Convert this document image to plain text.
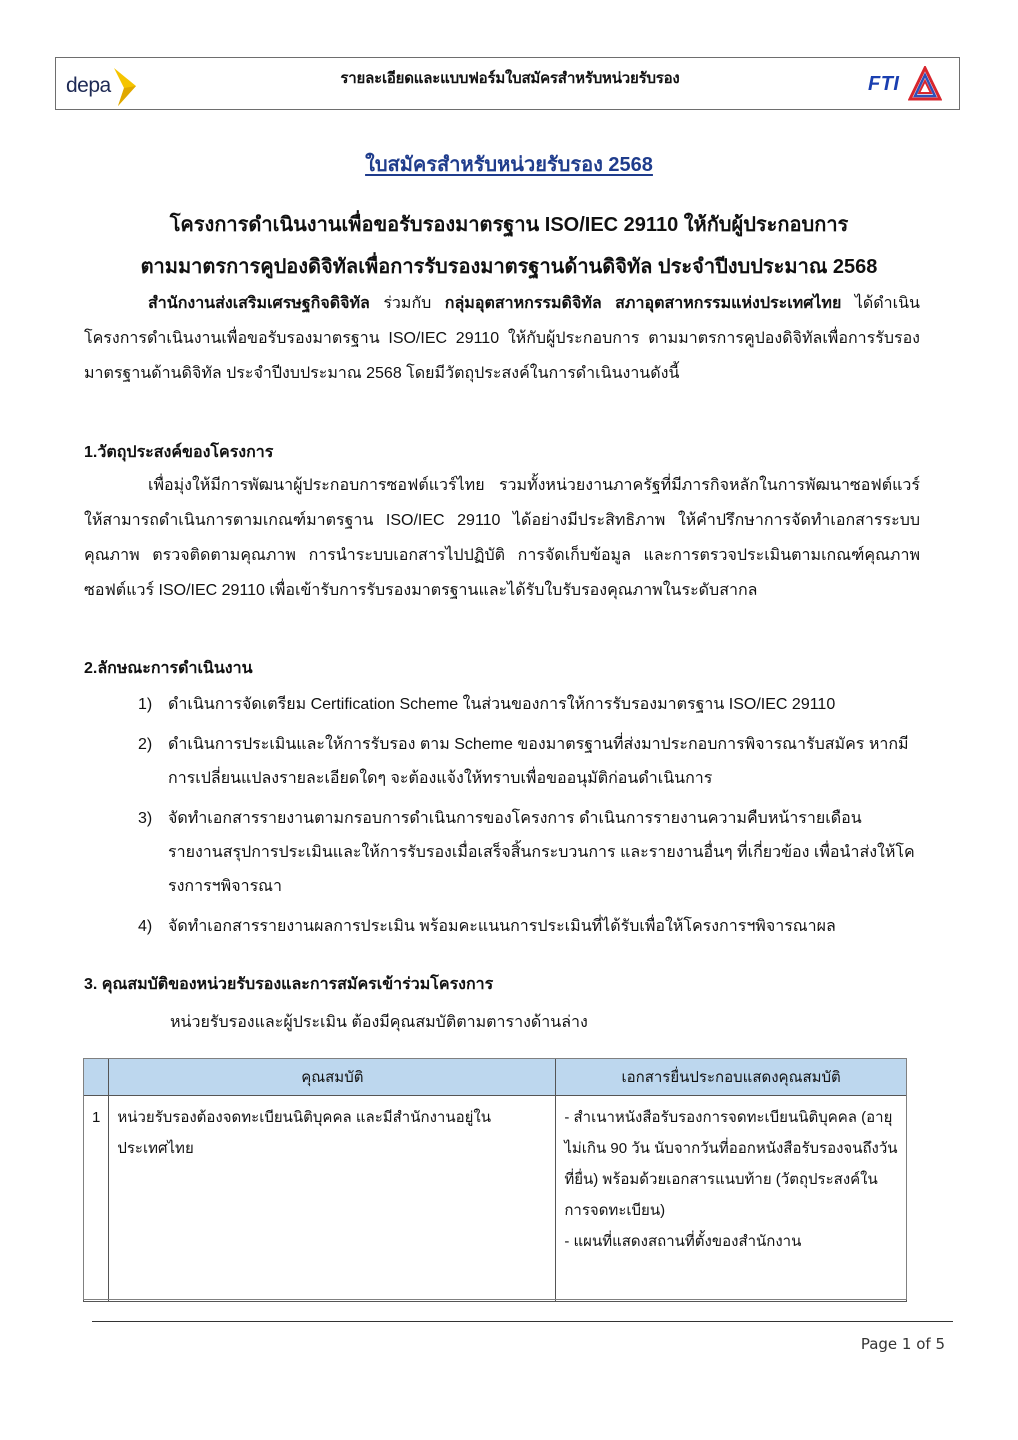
depa	รายละเอียดและแบบฟอร์มใบสมัครสำหรับหน่วยรับรอง	FTI
ใบสมัครสำหรับหน่วยรับรอง 2568
โครงการดำเนินงานเพื่อขอรับรองมาตรฐาน ISO/IEC 29110 ให้กับผู้ประกอบการ
ตามมาตรการคูปองดิจิทัลเพื่อการรับรองมาตรฐานด้านดิจิทัล ประจำปีงบประมาณ 2568

สำนักงานส่งเสริมเศรษฐกิจดิจิทัล ร่วมกับ กลุ่มอุตสาหกรรมดิจิทัล สภาอุตสาหกรรมแห่งประเทศไทย ได้ดำเนินโครงการดำเนินงานเพื่อขอรับรองมาตรฐาน ISO/IEC 29110 ให้กับผู้ประกอบการ ตามมาตรการคูปองดิจิทัลเพื่อการรับรองมาตรฐานด้านดิจิทัล ประจำปีงบประมาณ 2568 โดยมีวัตถุประสงค์ในการดำเนินงานดังนี้

1.วัตถุประสงค์ของโครงการ

เพื่อมุ่งให้มีการพัฒนาผู้ประกอบการซอฟต์แวร์ไทย รวมทั้งหน่วยงานภาครัฐที่มีภารกิจหลักในการพัฒนาซอฟต์แวร์ให้สามารถดำเนินการตามเกณฑ์มาตรฐาน ISO/IEC 29110 ได้อย่างมีประสิทธิภาพ ให้คำปรึกษาการจัดทำเอกสารระบบคุณภาพ ตรวจติดตามคุณภาพ การนำระบบเอกสารไปปฏิบัติ การจัดเก็บข้อมูล และการตรวจประเมินตามเกณฑ์คุณภาพซอฟต์แวร์ ISO/IEC 29110 เพื่อเข้ารับการรับรองมาตรฐานและได้รับใบรับรองคุณภาพในระดับสากล

2.ลักษณะการดำเนินงาน
1) ดำเนินการจัดเตรียม Certification Scheme ในส่วนของการให้การรับรองมาตรฐาน ISO/IEC 29110
2) ดำเนินการประเมินและให้การรับรอง ตาม Scheme ของมาตรฐานที่ส่งมาประกอบการพิจารณารับสมัคร หากมีการเปลี่ยนแปลงรายละเอียดใดๆ จะต้องแจ้งให้ทราบเพื่อขออนุมัติก่อนดำเนินการ
3) จัดทำเอกสารรายงานตามกรอบการดำเนินการของโครงการ ดำเนินการรายงานความคืบหน้ารายเดือน รายงานสรุปการประเมินและให้การรับรองเมื่อเสร็จสิ้นกระบวนการ และรายงานอื่นๆ ที่เกี่ยวข้อง เพื่อนำส่งให้โครงการฯพิจารณา
4) จัดทำเอกสารรายงานผลการประเมิน พร้อมคะแนนการประเมินที่ได้รับเพื่อให้โครงการฯพิจารณาผล
3. คุณสมบัติของหน่วยรับรองและการสมัครเข้าร่วมโครงการ
หน่วยรับรองและผู้ประเมิน ต้องมีคุณสมบัติตามตารางด้านล่าง
	คุณสมบัติ	เอกสารยื่นประกอบแสดงคุณสมบัติ
1	หน่วยรับรองต้องจดทะเบียนนิติบุคคล และมีสำนักงานอยู่ในประเทศไทย	- สำเนาหนังสือรับรองการจดทะเบียนนิติบุคคล (อายุไม่เกิน 90 วัน นับจากวันที่ออกหนังสือรับรองจนถึงวันที่ยื่น) พร้อมด้วยเอกสารแนบท้าย (วัตถุประสงค์ในการจดทะเบียน)
- แผนที่แสดงสถานที่ตั้งของสำนักงาน
Page 1 of 5
